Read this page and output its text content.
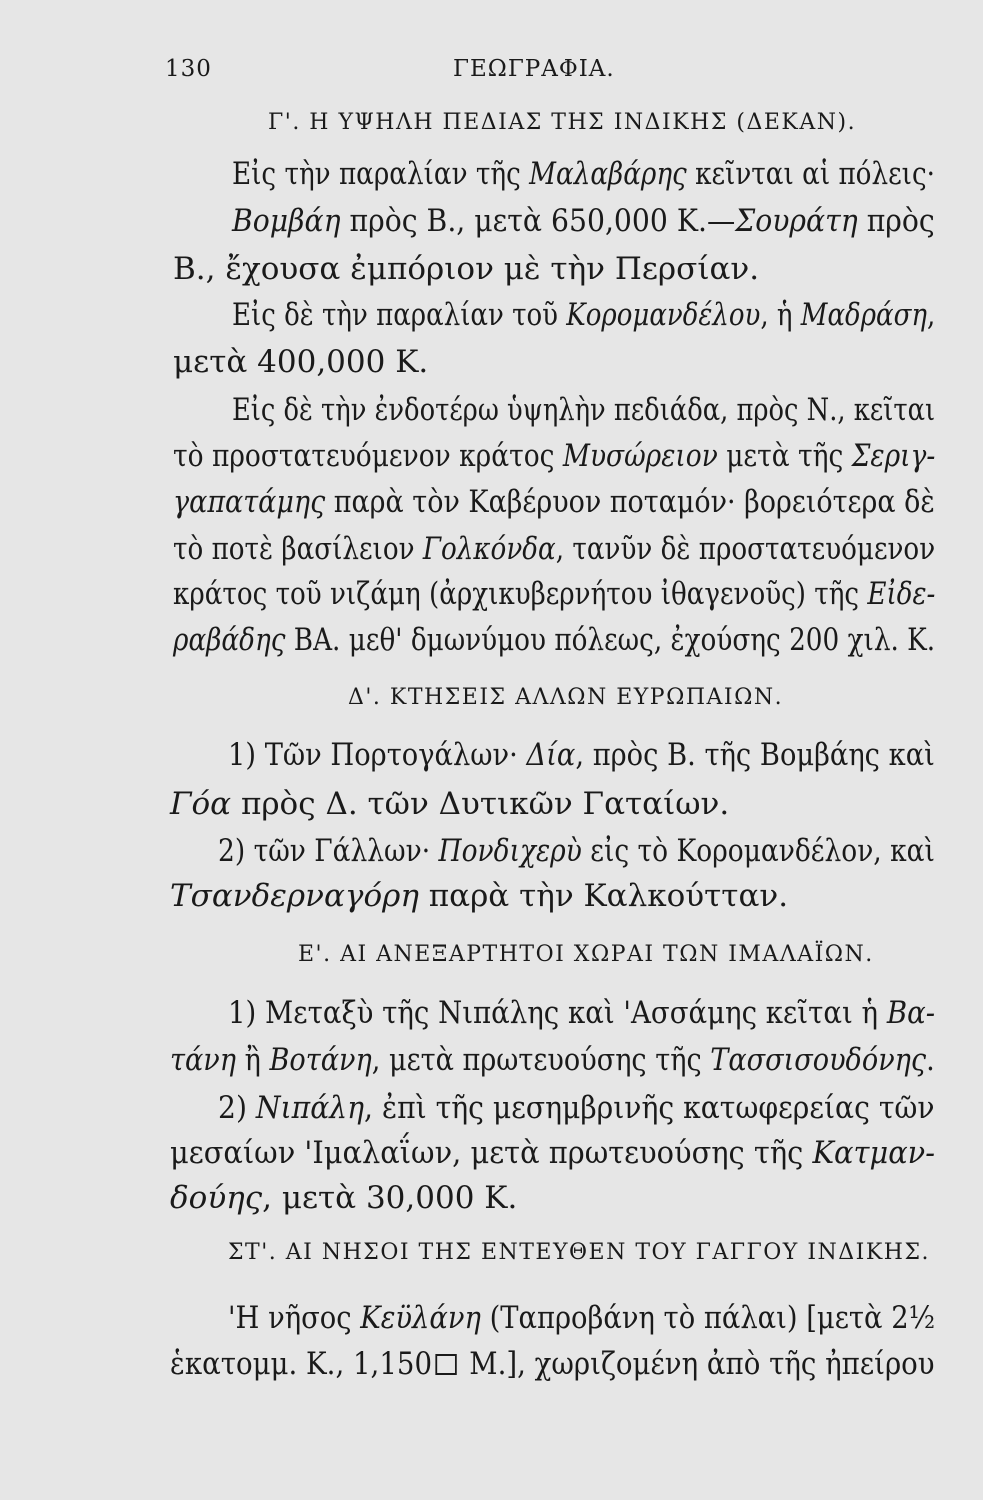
130	ΓΕΩΓΡΑΦΙΑ.
Γ'. Η ΥΨΗΛΗ ΠΕΔΙΑΣ ΤΗΣ ΙΝΔΙΚΗΣ (ΔΕΚΑΝ).
Εἰς τὴν παραλίαν τῆς Μαλαβάρης κεῖνται αἱ πόλεις·
Βομβάη πρὸς Β., μετὰ 650,000 Κ.—Σουράτη πρὸς
Β., ἔχουσα ἐμπόριον μὲ τὴν Περσίαν.
Εἰς δὲ τὴν παραλίαν τοῦ Κορομανδέλου, ἡ Μαδράση,
μετὰ 400,000 Κ.
Εἰς δὲ τὴν ἐνδοτέρω ὑψηλὴν πεδιάδα, πρὸς Ν., κεῖται
τὸ προστατευόμενον κράτος Μυσώρειον μετὰ τῆς Σεριγ-
γαπατάμης παρὰ τὸν Καβέρυον ποταμόν· βορειότερα δὲ
τὸ ποτὲ βασίλειον Γολκόνδα, τανῦν δὲ προστατευόμενον
κράτος τοῦ νιζάμη (ἀρχικυβερνήτου ἰθαγενοῦς) τῆς Εἰδε-
ραβάδης ΒΑ. μεθ' δμωνύμου πόλεως, ἐχούσης 200 χιλ. Κ.
Δ'. ΚΤΗΣΕΙΣ ΑΛΛΩΝ ΕΥΡΩΠΑΙΩΝ.
1) Τῶν Πορτογάλων· Δία, πρὸς Β. τῆς Βομβάης καὶ
Γόα πρὸς Δ. τῶν Δυτικῶν Γαταίων.
2) τῶν Γάλλων· Πονδιχερὺ εἰς τὸ Κορομανδέλον, καὶ
Τσανδερναγόρη παρὰ τὴν Καλκούτταν.
Ε'. ΑΙ ΑΝΕΞΑΡΤΗΤΟΙ ΧΩΡΑΙ ΤΩΝ ΙΜΑΛΑΪΩΝ.
1) Μεταξὺ τῆς Νιπάλης καὶ 'Ασσάμης κεῖται ἡ Βα-
τάνη ἢ Βοτάνη, μετὰ πρωτευούσης τῆς Τασσισουδόνης.
2) Νιπάλη, ἐπὶ τῆς μεσημβρινῆς κατωφερείας τῶν
μεσαίων 'Ιμαλαΐων, μετὰ πρωτευούσης τῆς Κατμαν-
δούης, μετὰ 30,000 Κ.
ΣΤ'. ΑΙ ΝΗΣΟΙ ΤΗΣ ΕΝΤΕΥΘΕΝ ΤΟΥ ΓΑΓΓΟΥ ΙΝΔΙΚΗΣ.
'Η νῆσος Κεϋλάνη (Ταπροβάνη τὸ πάλαι) [μετὰ 2½
ἑκατομμ. Κ., 1,150 Μ.], χωριζομένη ἀπὸ τῆς ἠπείρου
